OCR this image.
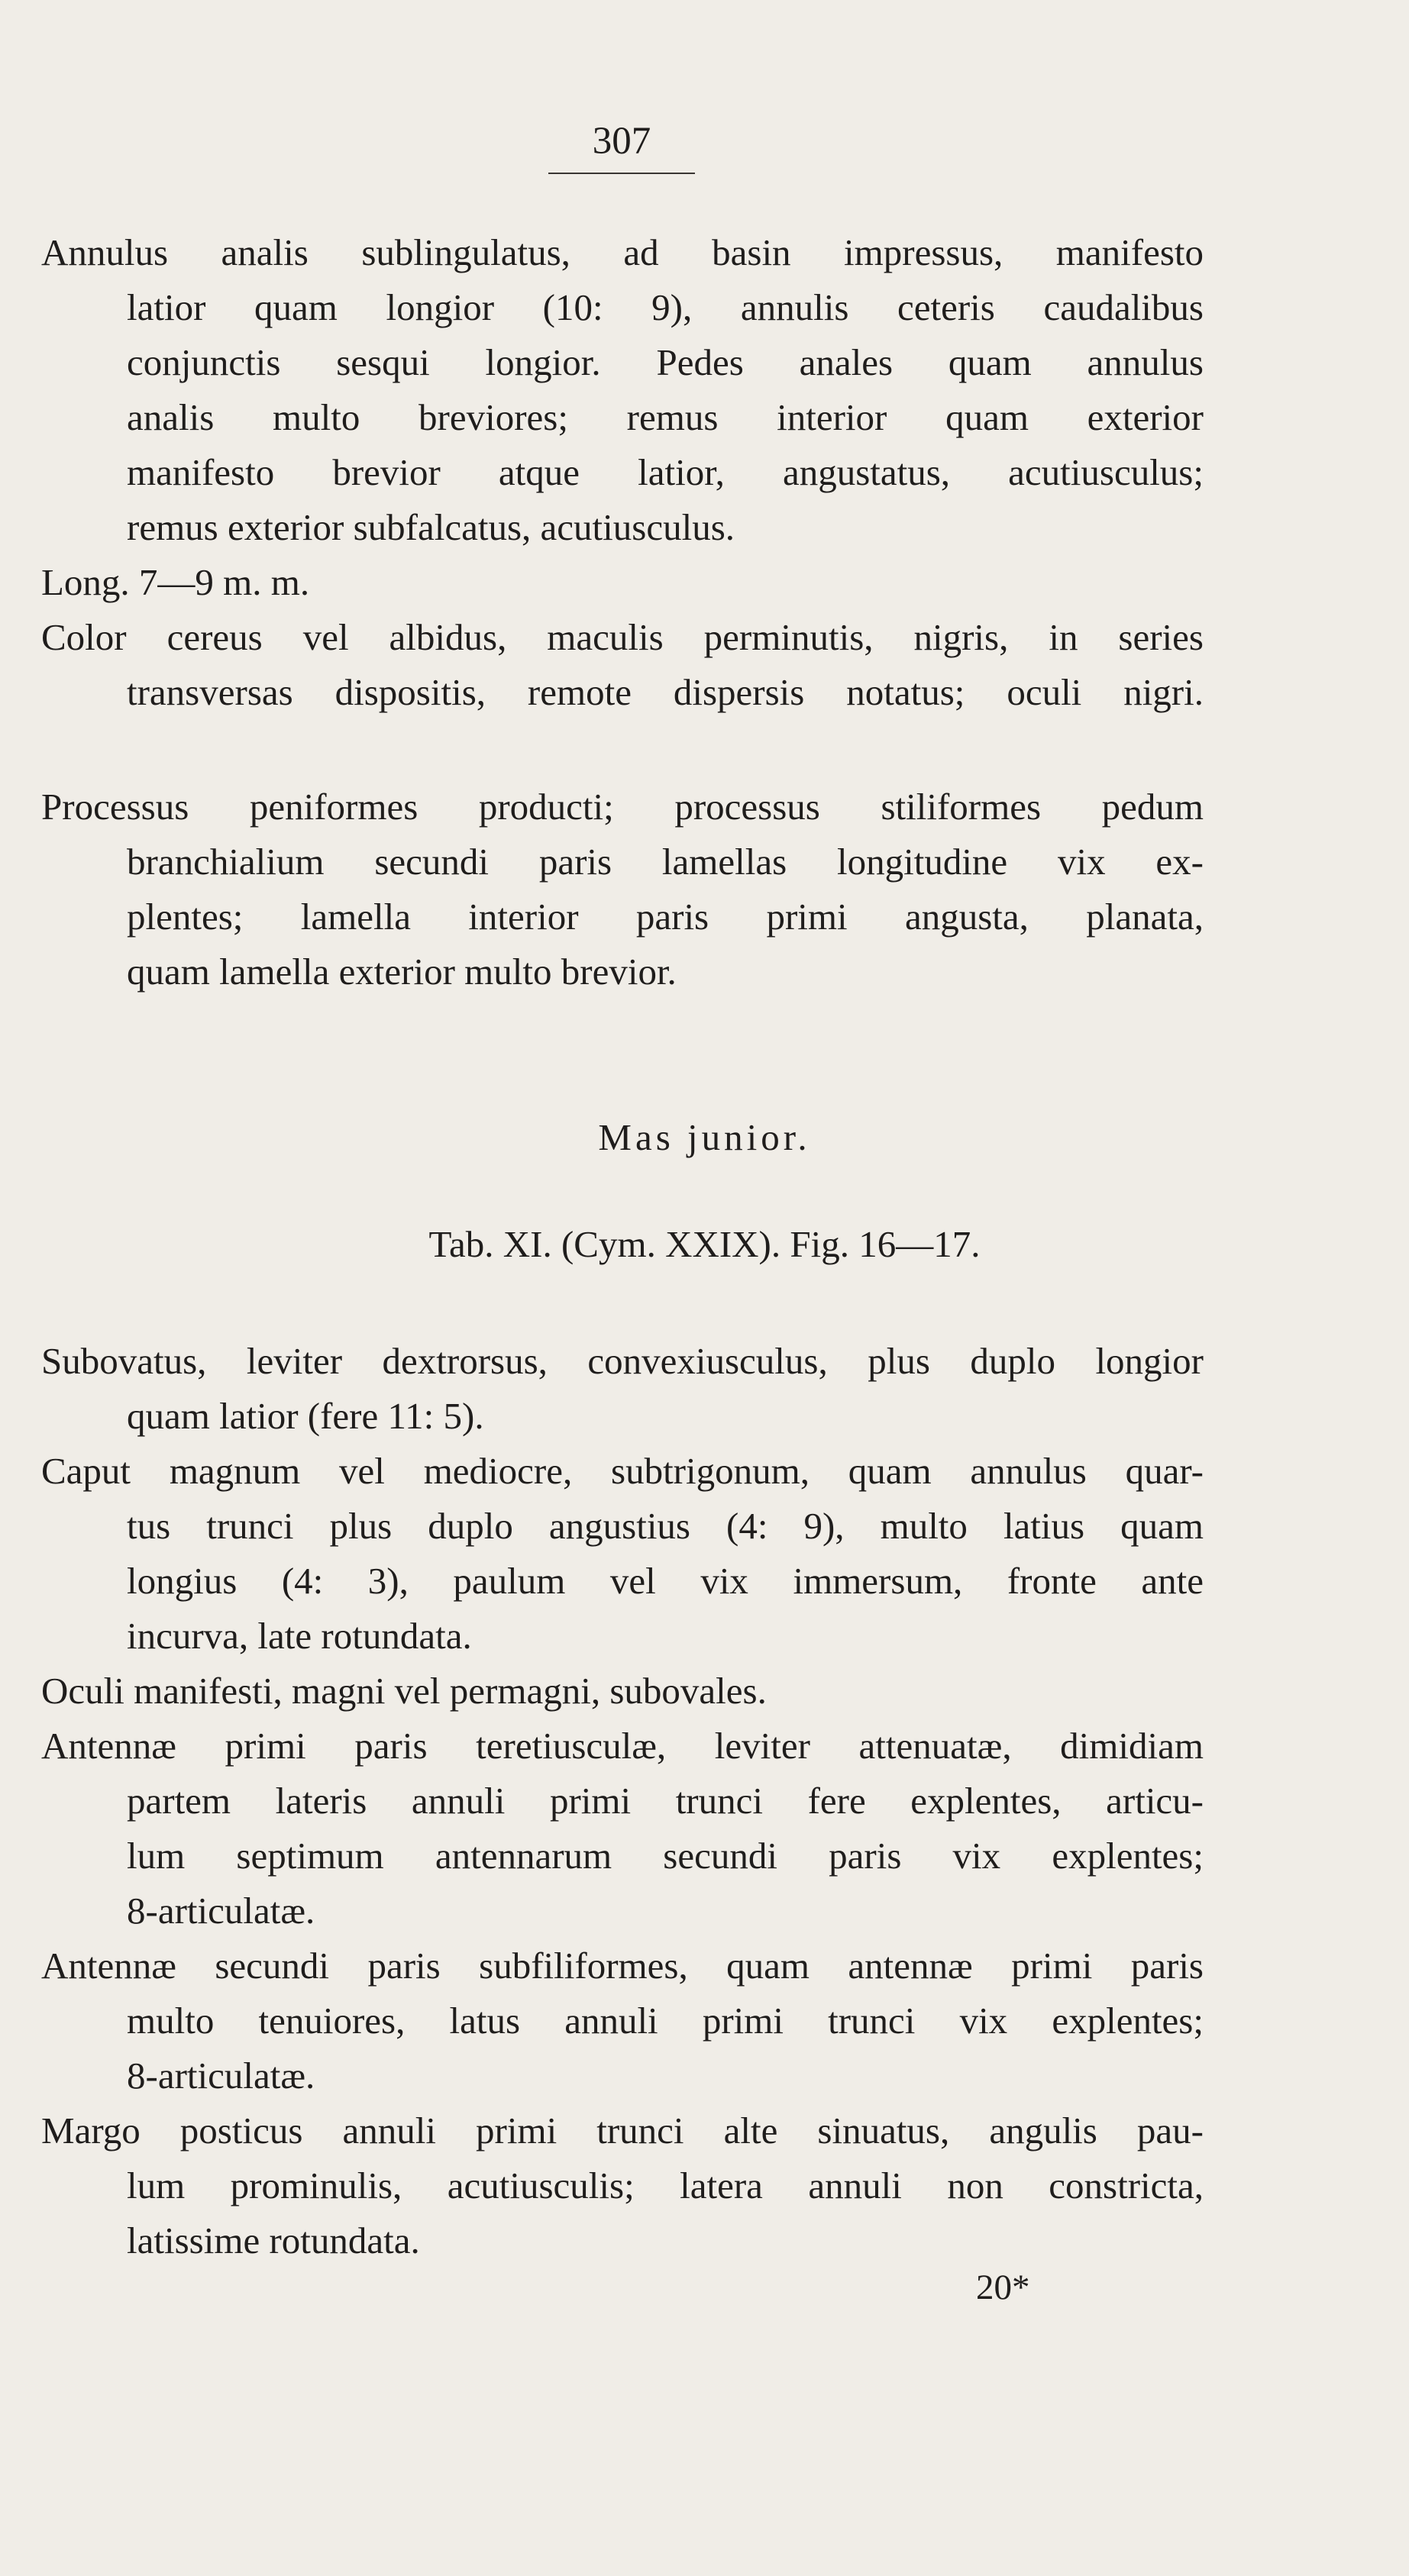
307
Annulus analis sublingulatus, ad basin impressus, manifesto
latior quam longior (10: 9), annulis ceteris caudalibus
conjunctis sesqui longior. Pedes anales quam annulus
analis multo breviores; remus interior quam exterior
manifesto brevior atque latior, angustatus, acutiusculus;
remus exterior subfalcatus, acutiusculus.
Long. 7—9 m. m.
Color cereus vel albidus, maculis perminutis, nigris, in series
transversas dispositis, remote dispersis notatus; oculi nigri.
Processus peniformes producti; processus stiliformes pedum
branchialium secundi paris lamellas longitudine vix ex-
plentes; lamella interior paris primi angusta, planata,
quam lamella exterior multo brevior.
Mas junior.
Tab. XI. (Cym. XXIX). Fig. 16—17.
Subovatus, leviter dextrorsus, convexiusculus, plus duplo longior
quam latior (fere 11: 5).
Caput magnum vel mediocre, subtrigonum, quam annulus quar-
tus trunci plus duplo angustius (4: 9), multo latius quam
longius (4: 3), paulum vel vix immersum, fronte ante
incurva, late rotundata.
Oculi manifesti, magni vel permagni, subovales.
Antennæ primi paris teretiusculæ, leviter attenuatæ, dimidiam
partem lateris annuli primi trunci fere explentes, articu-
lum septimum antennarum secundi paris vix explentes;
8-articulatæ.
Antennæ secundi paris subfiliformes, quam antennæ primi paris
multo tenuiores, latus annuli primi trunci vix explentes;
8-articulatæ.
Margo posticus annuli primi trunci alte sinuatus, angulis pau-
lum prominulis, acutiusculis; latera annuli non constricta,
latissime rotundata.
20*
